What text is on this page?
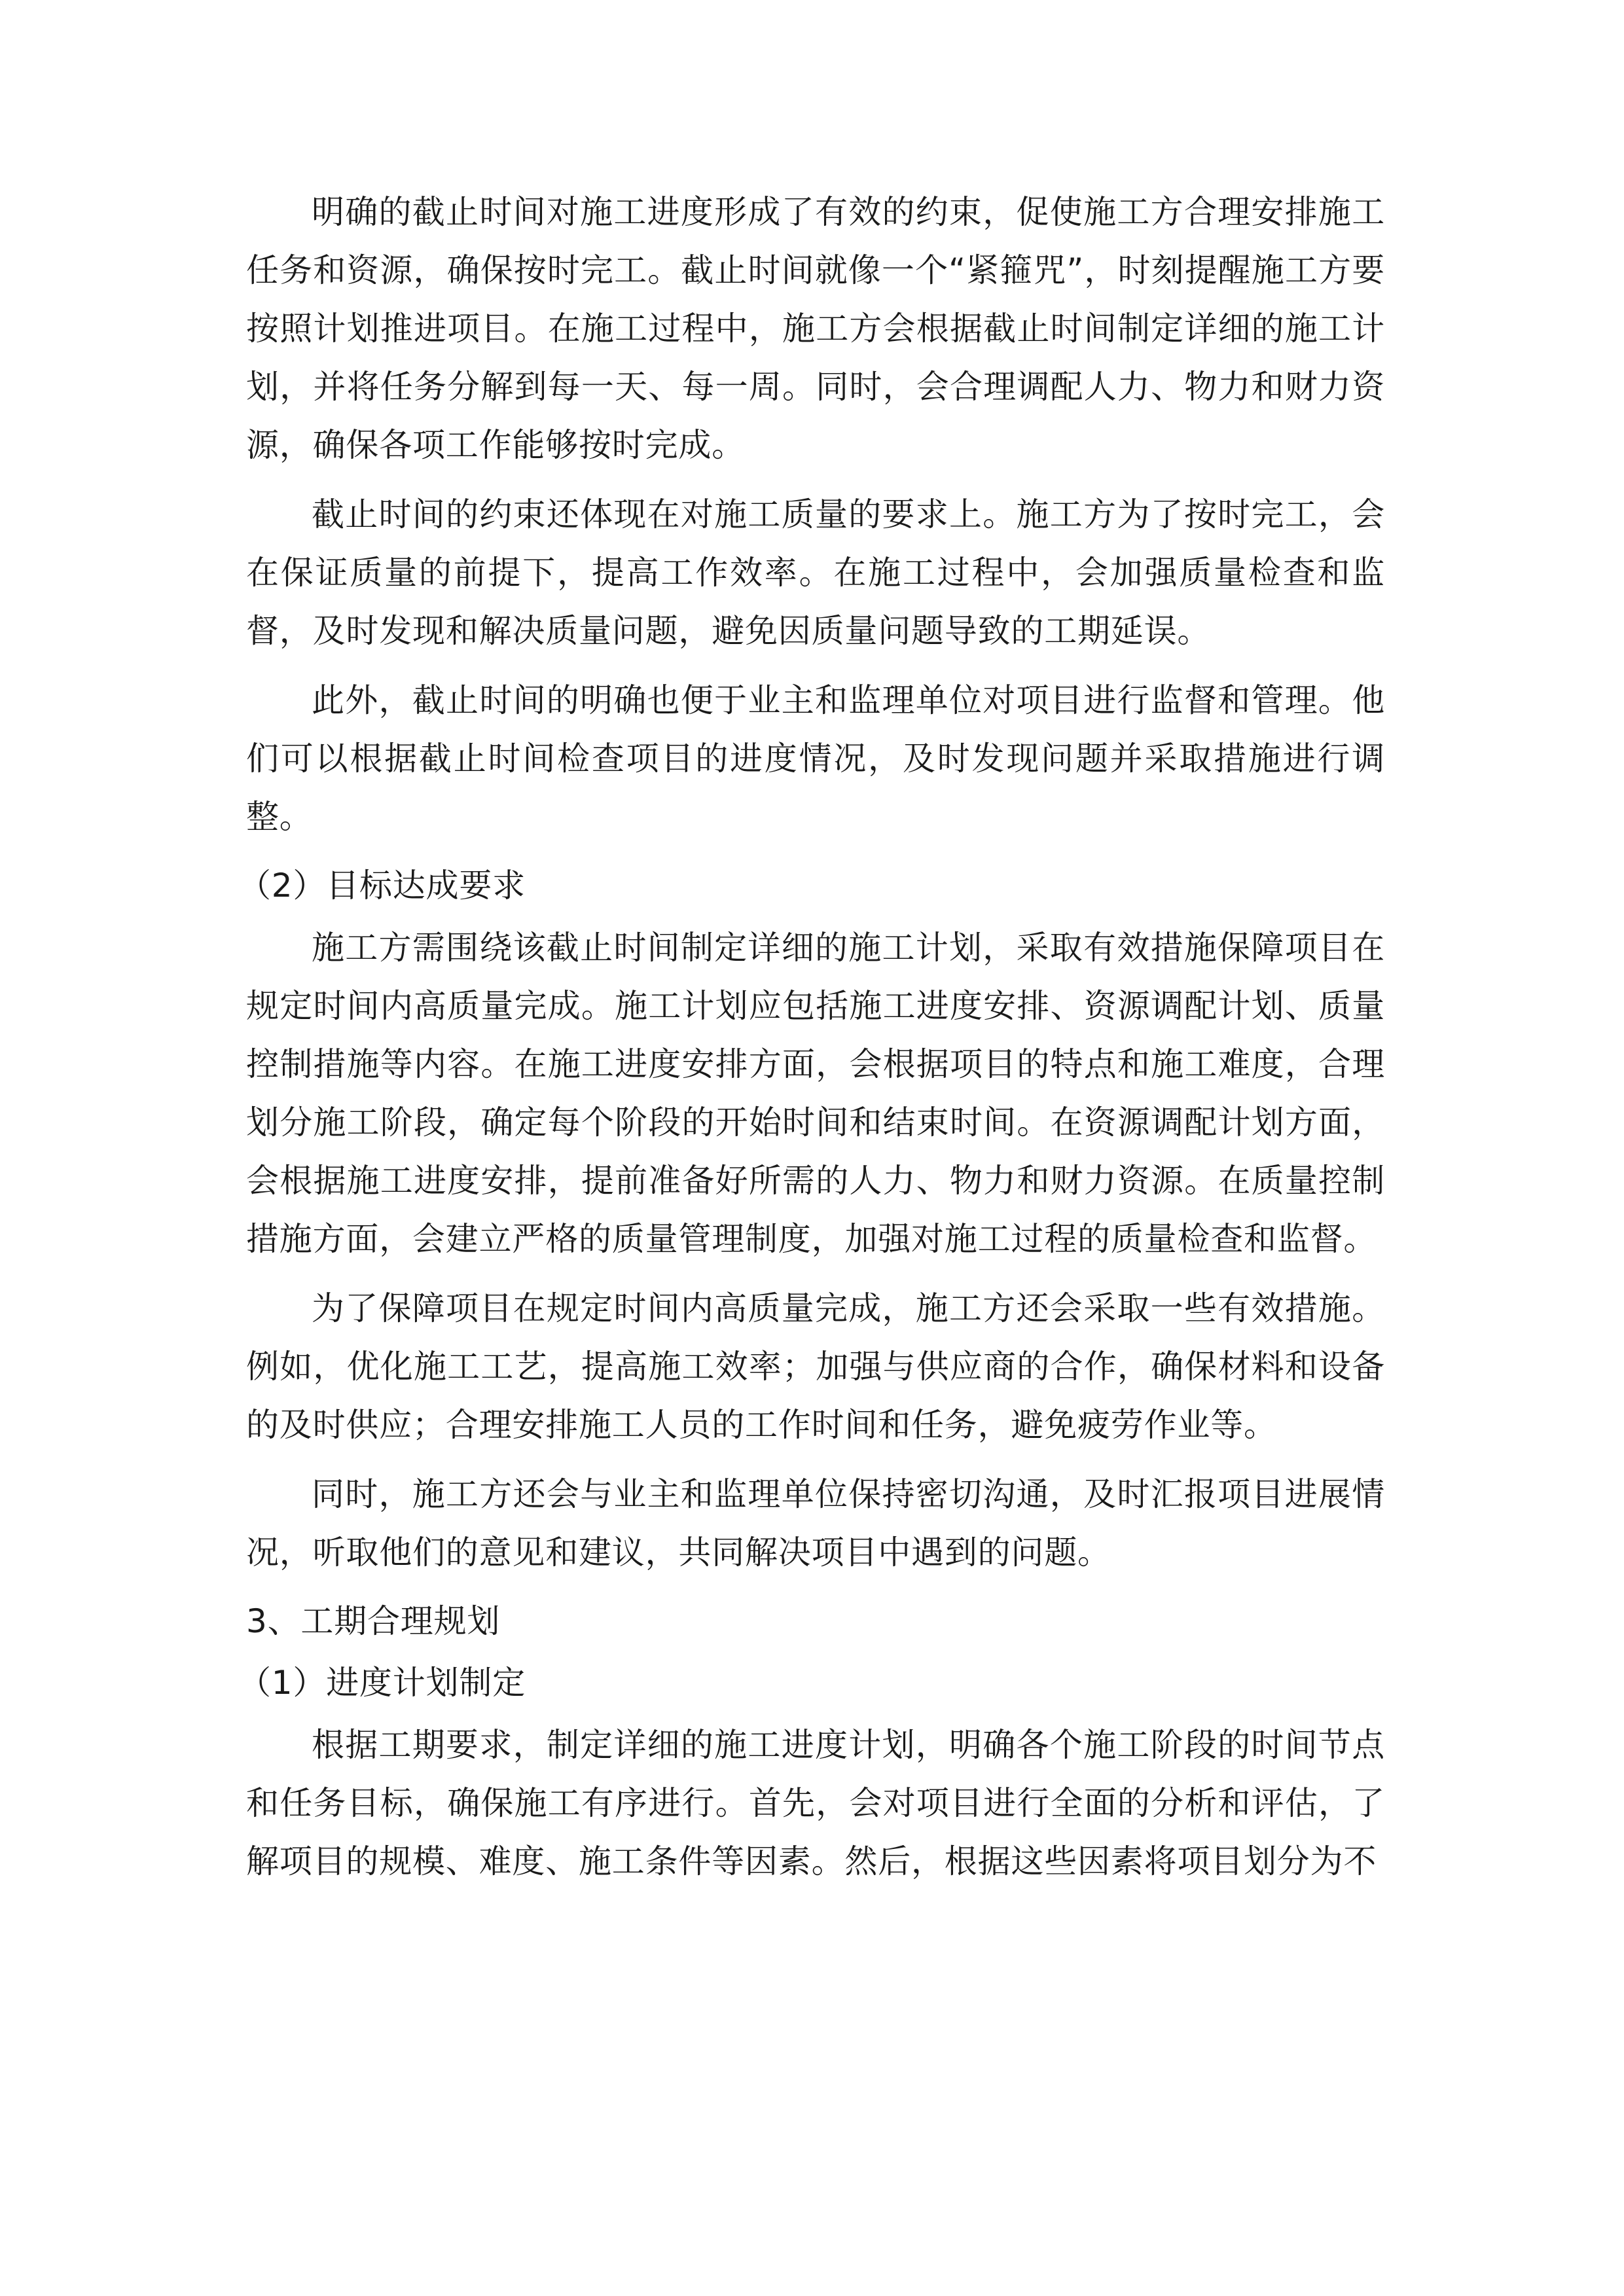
明确的截止时间对施工进度形成了有效的约束，促使施工方合理安排施工任务和资源，确保按时完工。截止时间就像一个“紧箍咒”，时刻提醒施工方要按照计划推进项目。在施工过程中，施工方会根据截止时间制定详细的施工计划，并将任务分解到每一天、每一周。同时，会合理调配人力、物力和财力资源，确保各项工作能够按时完成。

截止时间的约束还体现在对施工质量的要求上。施工方为了按时完工，会在保证质量的前提下，提高工作效率。在施工过程中，会加强质量检查和监督，及时发现和解决质量问题，避免因质量问题导致的工期延误。

此外，截止时间的明确也便于业主和监理单位对项目进行监督和管理。他们可以根据截止时间检查项目的进度情况，及时发现问题并采取措施进行调整。

（2）目标达成要求

施工方需围绕该截止时间制定详细的施工计划，采取有效措施保障项目在规定时间内高质量完成。施工计划应包括施工进度安排、资源调配计划、质量控制措施等内容。在施工进度安排方面，会根据项目的特点和施工难度，合理划分施工阶段，确定每个阶段的开始时间和结束时间。在资源调配计划方面，会根据施工进度安排，提前准备好所需的人力、物力和财力资源。在质量控制措施方面，会建立严格的质量管理制度，加强对施工过程的质量检查和监督。

为了保障项目在规定时间内高质量完成，施工方还会采取一些有效措施。例如，优化施工工艺，提高施工效率；加强与供应商的合作，确保材料和设备的及时供应；合理安排施工人员的工作时间和任务，避免疲劳作业等。

同时，施工方还会与业主和监理单位保持密切沟通，及时汇报项目进展情况，听取他们的意见和建议，共同解决项目中遇到的问题。

3、工期合理规划
（1）进度计划制定

根据工期要求，制定详细的施工进度计划，明确各个施工阶段的时间节点和任务目标，确保施工有序进行。首先，会对项目进行全面的分析和评估，了解项目的规模、难度、施工条件等因素。然后，根据这些因素将项目划分为不
